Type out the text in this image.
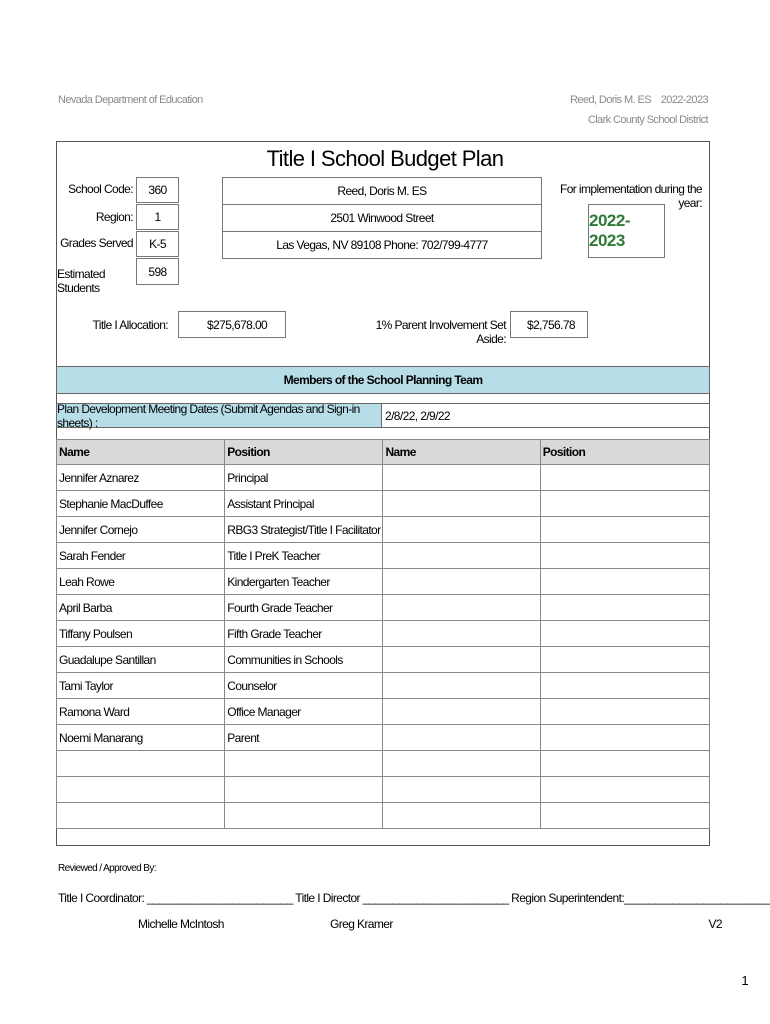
Nevada Department of Education	Reed, Doris M. ES    2022-2023
Clark County School District
Title I School Budget Plan
School Code:	360
Region:	1
Grades Served	K-5
Estimated Students
598
Reed, Doris M. ES
2501 Winwood Street
Las Vegas, NV 89108 Phone: 702/799-4777
For implementation during the year:
2022-2023
Title I Allocation:	$275,678.00	1% Parent Involvement Set Aside:
$2,756.78
Members of the School Planning Team
Plan Development Meeting Dates (Submit Agendas and Sign-in sheets) :	2/8/22, 2/9/22
Name	Position	Name	Position
Jennifer Aznarez	Principal		
Stephanie MacDuffee	Assistant Principal		
Jennifer Cornejo	RBG3 Strategist/Title I Facilitator		
Sarah Fender	Title I PreK Teacher		
Leah Rowe	Kindergarten Teacher		
April Barba	Fourth Grade Teacher		
Tiffany Poulsen	Fifth Grade Teacher		
Guadalupe Santillan	Communities in Schools		
Tami Taylor	Counselor		
Ramona Ward	Office Manager		
Noemi Manarang	Parent		

Reviewed / Approved By:
Title I Coordinator: ________________________ Title I Director ________________________ Region Superintendent:________________________
Michelle McIntosh	Greg Kramer	V2
1
